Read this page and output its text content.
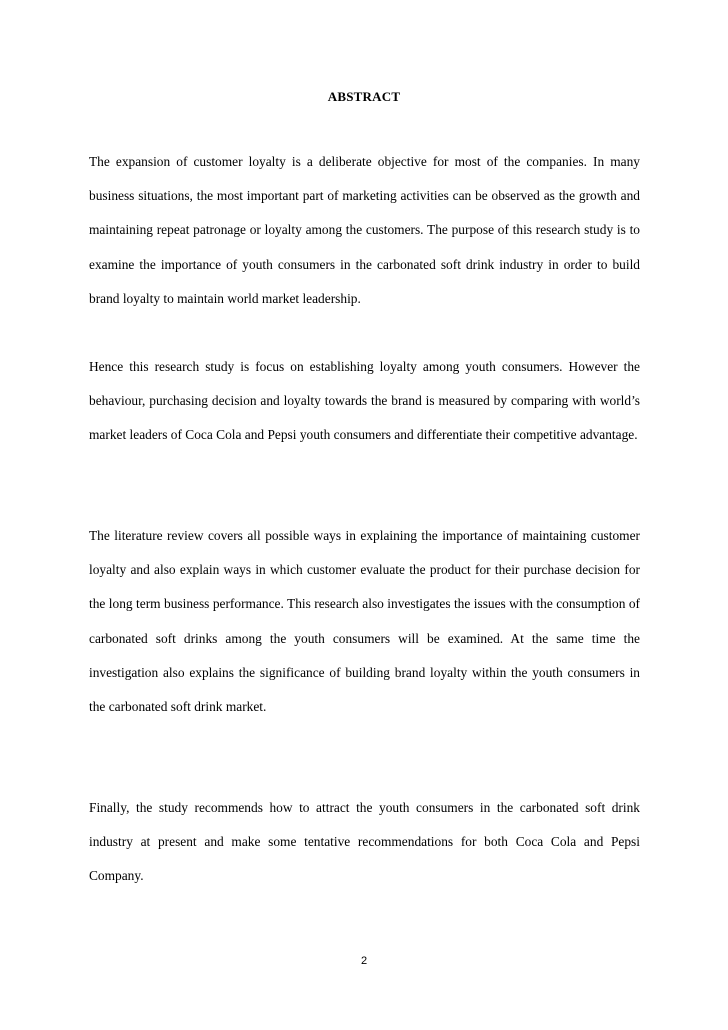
ABSTRACT

The expansion of customer loyalty is a deliberate objective for most of the companies. In many business situations, the most important part of marketing activities can be observed as the growth and maintaining repeat patronage or loyalty among the customers. The purpose of this research study is to examine the importance of youth consumers in the carbonated soft drink industry in order to build brand loyalty to maintain world market leadership.

Hence this research study is focus on establishing loyalty among youth consumers. However the behaviour, purchasing decision and loyalty towards the brand is measured by comparing with world’s market leaders of Coca Cola and Pepsi youth consumers and differentiate their competitive advantage.

The literature review covers all possible ways in explaining the importance of maintaining customer loyalty and also explain ways in which customer evaluate the product for their purchase decision for the long term business performance. This research also investigates the issues with the consumption of carbonated soft drinks among the youth consumers will be examined. At the same time the investigation also explains the significance of building brand loyalty within the youth consumers in the carbonated soft drink market.

Finally, the study recommends how to attract the youth consumers in the carbonated soft drink industry at present and make some tentative recommendations for both Coca Cola and Pepsi Company.

2
